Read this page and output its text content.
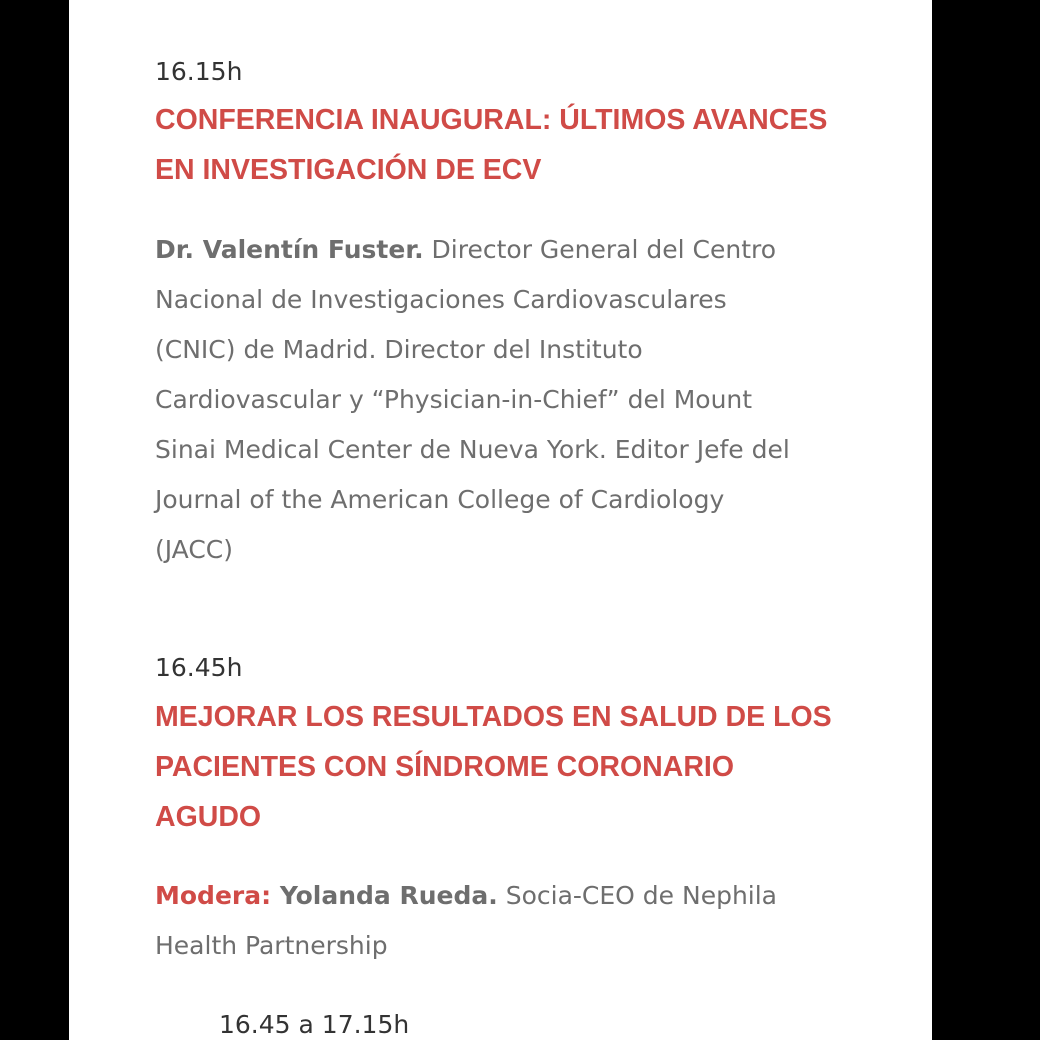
16.15h

CONFERENCIA INAUGURAL: ÚLTIMOS AVANCES
EN INVESTIGACIÓN DE ECV
Dr. Valentín Fuster. Director General del Centro
Nacional de Investigaciones Cardiovasculares
(CNIC) de Madrid. Director del Instituto
Cardiovascular y “Physician-in-Chief” del Mount
Sinai Medical Center de Nueva York. Editor Jefe del
Journal of the American College of Cardiology
(JACC)

16.45h

MEJORAR LOS RESULTADOS EN SALUD DE LOS
PACIENTES CON SÍNDROME CORONARIO
AGUDO
Modera: Yolanda Rueda. Socia-CEO de Nephila
Health Partnership

16.45 a 17.15h
